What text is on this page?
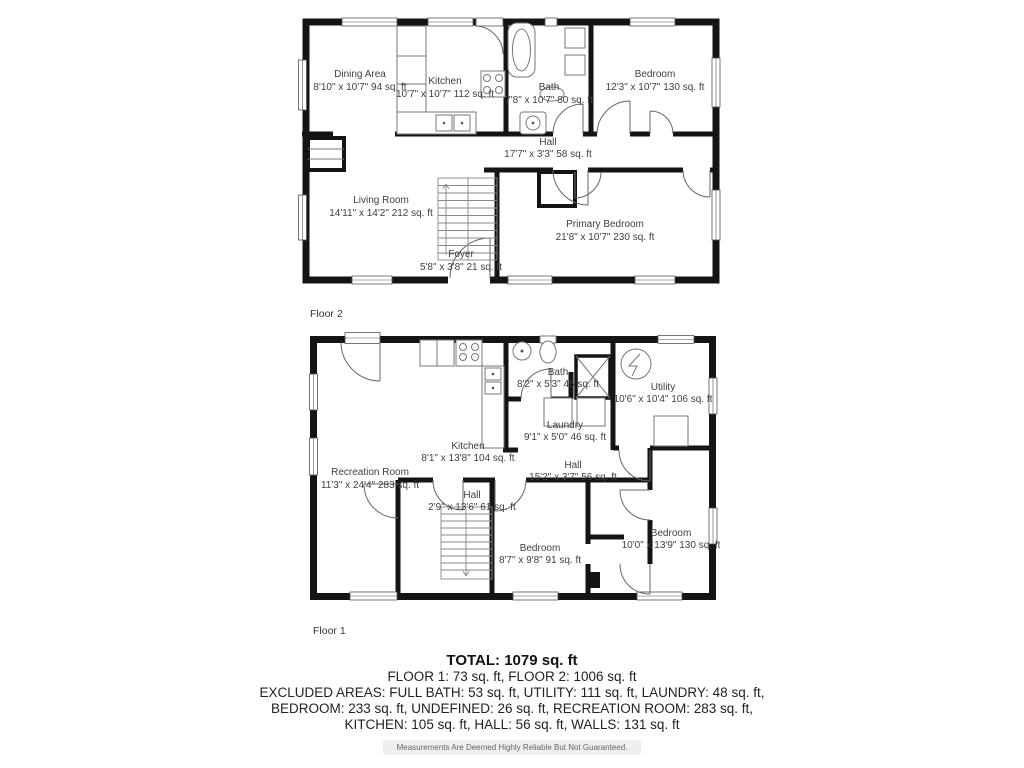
Dining Area
8'10" x 10'7" 94 sq. ft
Kitchen
10'7" x 10'7" 112 sq. ft
Bath
7'8" x 10'7" 80 sq. ft
Bedroom
12'3" x 10'7" 130 sq. ft
Hall
17'7" x 3'3" 58 sq. ft
Living Room
14'11" x 14'2" 212 sq. ft
Primary Bedroom
21'8" x 10'7" 230 sq. ft
Foyer
5'8" x 3'8" 21 sq. ft
Floor 2
Bath
8'2" x 5'3" 45 sq. ft	Utility
10'6" x 10'4" 106 sq. ft
Laundry
9'1" x 5'0" 46 sq. ft
Kitchen
8'1" x 13'8" 104 sq. ft
Hall
15'2" x 3'7" 56 sq. ft
Recreation Room
11'3" x 24'4" 283 sq. ft
Hall
2'9" x 13'6" 61 sq. ft
Bedroom
8'7" x 9'8" 91 sq. ft
Bedroom
10'0" x 13'9" 130 sq. ft
Floor 1
TOTAL: 1079 sq. ft
FLOOR 1: 73 sq. ft, FLOOR 2: 1006 sq. ft
EXCLUDED AREAS: FULL BATH: 53 sq. ft, UTILITY: 111 sq. ft, LAUNDRY: 48 sq. ft,
BEDROOM: 233 sq. ft, UNDEFINED: 26 sq. ft, RECREATION ROOM: 283 sq. ft,
KITCHEN: 105 sq. ft, HALL: 56 sq. ft, WALLS: 131 sq. ft
Measurements Are Deemed Highly Reliable But Not Guaranteed.
